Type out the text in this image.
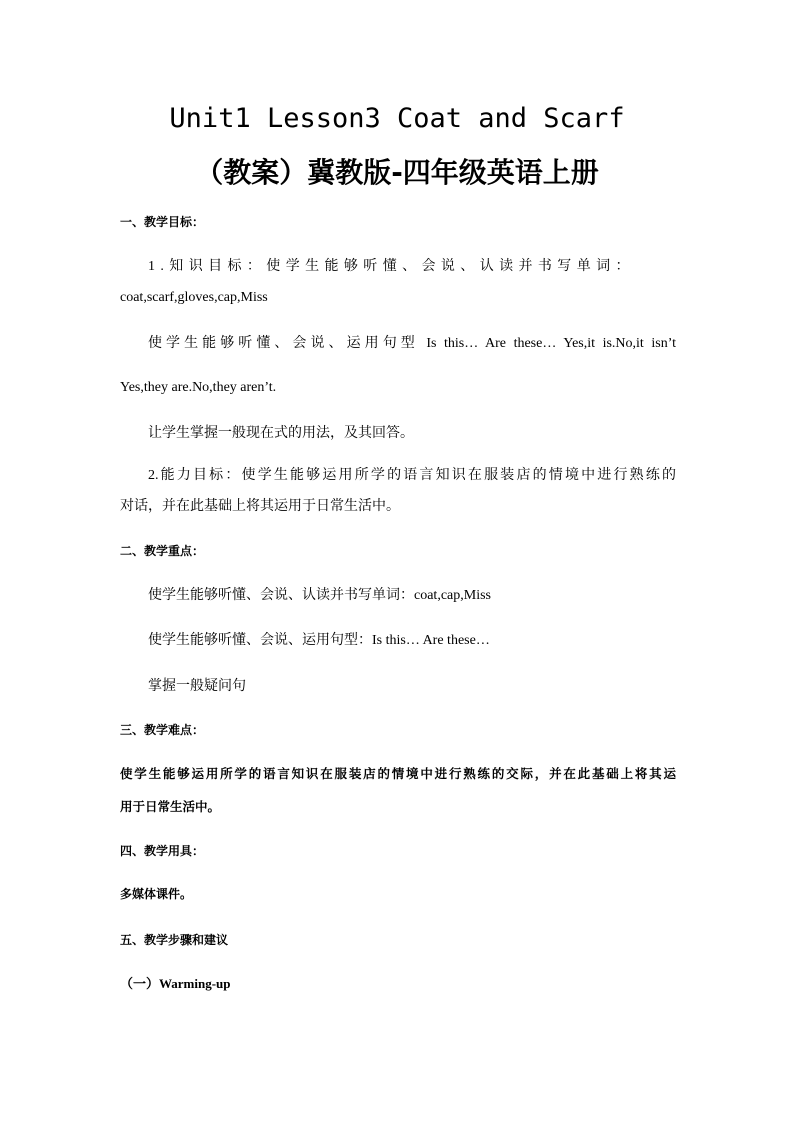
Unit1 Lesson3 Coat and Scarf
（教案）冀教版-四年级英语上册

一、教学目标：

1.知识目标：使学生能够听懂、会说、认读并书写单词：

coat,scarf,gloves,cap,Miss

使学生能够听懂、会说、运用句型 Is this… Are these… Yes,it is.No,it isn’t

Yes,they are.No,they aren’t.

让学生掌握一般现在式的用法，及其回答。

2.能力目标：使学生能够运用所学的语言知识在服装店的情境中进行熟练的

对话，并在此基础上将其运用于日常生活中。

二、教学重点：

使学生能够听懂、会说、认读并书写单词：coat,cap,Miss

使学生能够听懂、会说、运用句型：Is this… Are these…

掌握一般疑问句

三、教学难点：

使学生能够运用所学的语言知识在服装店的情境中进行熟练的交际，并在此基础上将其运

用于日常生活中。

四、教学用具：

多媒体课件。

五、教学步骤和建议

（一）Warming-up
